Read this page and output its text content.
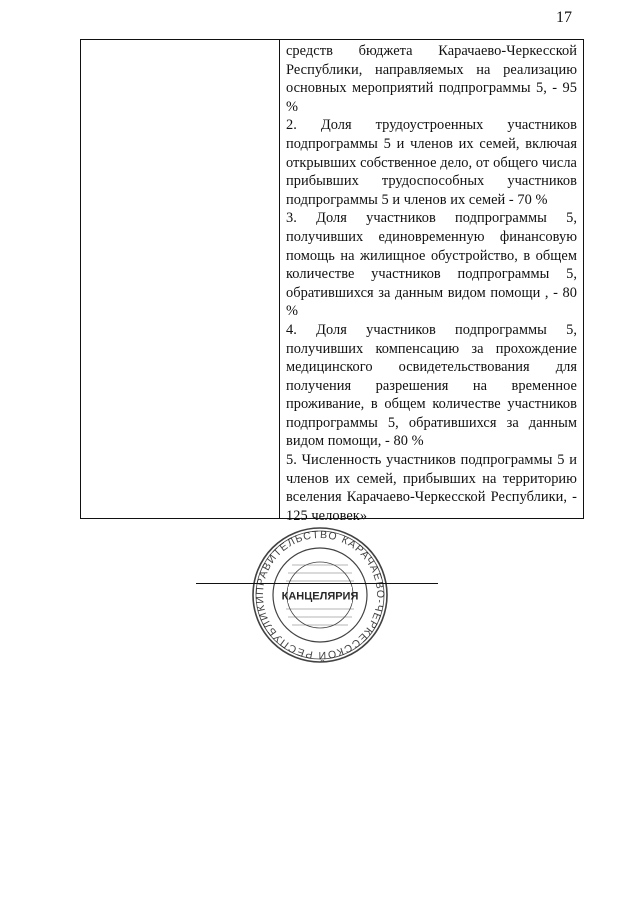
17

средств бюджета Карачаево-Черкесской Республики, направляемых на реализацию основных мероприятий подпрограммы 5, - 95 %

2. Доля трудоустроенных участников подпрограммы 5 и членов их семей, включая открывших собственное дело, от общего числа прибывших трудоспособных участников подпрограммы 5 и членов их семей - 70 %

3. Доля участников подпрограммы 5, получивших единовременную финансовую помощь на жилищное обустройство, в общем количестве участников подпрограммы 5, обратившихся за данным видом помощи , - 80 %

4. Доля участников подпрограммы 5, получивших компенсацию за прохождение медицинского освидетельствования для получения разрешения на временное проживание, в общем количестве участников подпрограммы 5, обратившихся за данным видом помощи, - 80 %

5. Численность участников подпрограммы 5 и членов их семей, прибывших на территорию вселения Карачаево-Черкесской Республики, - 125 человек»

ПРАВИТЕЛЬСТВО КАРАЧАЕВО-ЧЕРКЕССКОЙ РЕСПУБЛИКИ	КАНЦЕЛЯРИЯ
